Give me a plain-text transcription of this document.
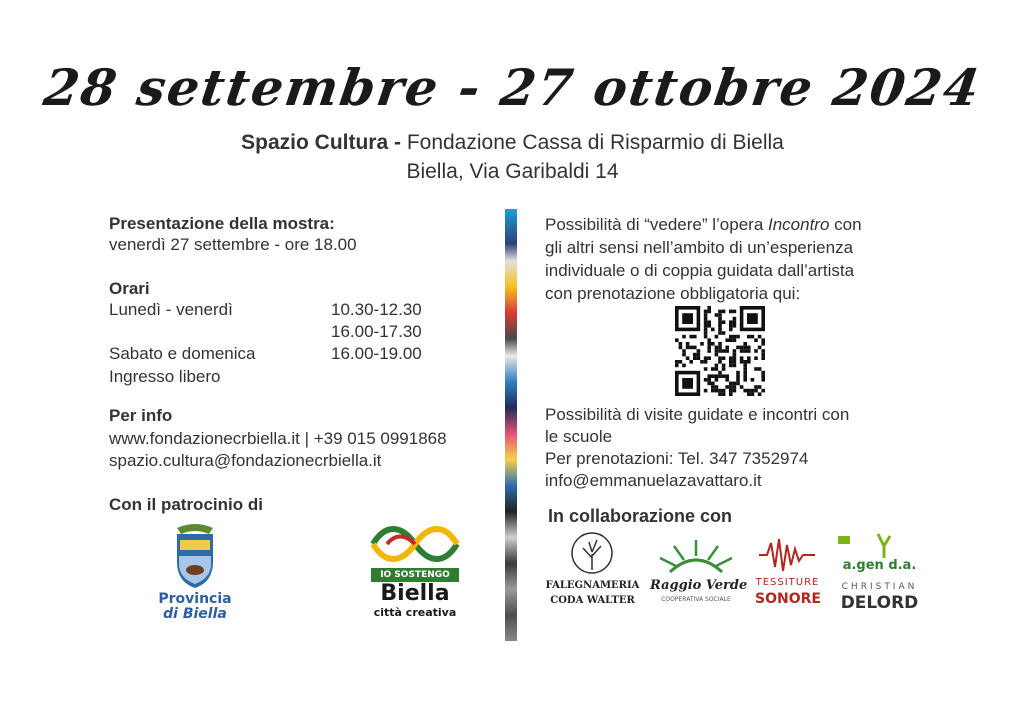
28 settembre - 27 ottobre 2024
Spazio Cultura - Fondazione Cassa di Risparmio di Biella
Biella, Via Garibaldi 14
Presentazione della mostra:
venerdì 27 settembre - ore 18.00
Orari
Lunedì - venerdì	10.30-12.30
16.00-17.30
Sabato e domenica	16.00-19.00
Ingresso libero
Per info
www.fondazionecrbiella.it | +39 015 0991868
spazio.cultura@fondazionecrbiella.it
Con il patrocinio di
Provincia
di Biella
IO SOSTENGO
Biella
città creativa
Possibilità di “vedere” l’opera Incontro con
gli altri sensi nell’ambito di un’esperienza
individuale o di coppia guidata dall’artista
con prenotazione obbligatoria qui:
Possibilità di visite guidate e incontri con
le scuole
Per prenotazioni: Tel. 347 7352974
info@emmanuelazavattaro.it
In collaborazione con
FALEGNAMERIA
CODA WALTER
Raggio Verde
COOPERATIVA SOCIALE
TESSITURE
SONORE
a.gen d.a.
CHRISTIAN
DELORD
